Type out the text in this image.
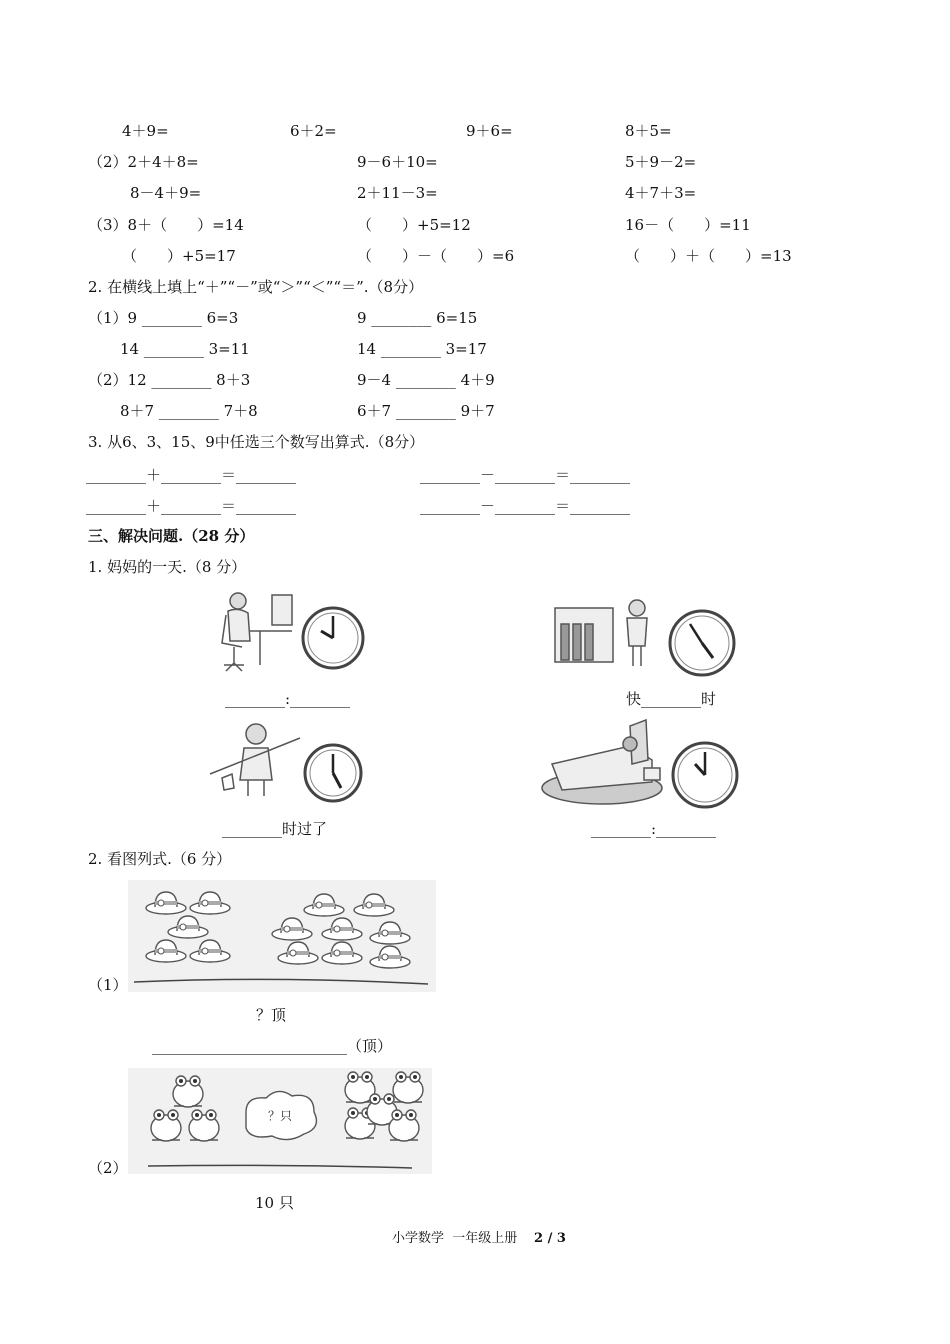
4＋9=	6＋2=	9＋6=	8＋5=
（2）2＋4＋8=	9－6＋10=	5＋9－2=
8－4＋9=	2＋11－3=	4＋7＋3=
（3）8＋（　　）=14	（　　）+5=12	16－（　　）=11
（　　）+5=17	（　　）－（　　）=6	（　　）＋（　　）=13
2. 在横线上填上“＋”“－”或“＞”“＜”“＝”.（8分）
（1）9 ________ 6=3	9 ________ 6=15
14 ________ 3=11	14 ________ 3=17
（2）12 ________ 8＋3	9－4 ________ 4＋9
8＋7 ________ 7＋8	6＋7 ________ 9＋7
3. 从6、3、15、9中任选三个数写出算式.（8分）
________＋________＝________	________－________＝________
________＋________＝________	________－________＝________
三、解决问题.（28 分）
1. 妈妈的一天.（8 分）
________:________	快________时
________时过了	________:________
2. 看图列式.（6 分）
（1）
？顶
__________________________（顶）
？只
（2）
10 只
小学数学  一年级上册 2 / 3
